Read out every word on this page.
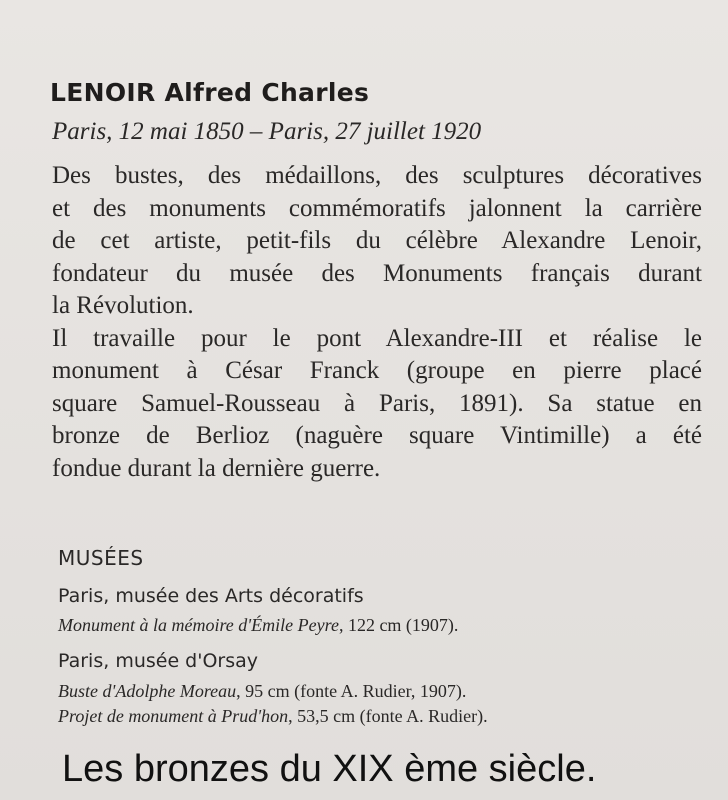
LENOIR Alfred Charles
Paris, 12 mai 1850 – Paris, 27 juillet 1920
Des bustes, des médaillons, des sculptures décoratives
et des monuments commémoratifs jalonnent la carrière
de cet artiste, petit-fils du célèbre Alexandre Lenoir,
fondateur du musée des Monuments français durant
la Révolution.
Il travaille pour le pont Alexandre-III et réalise le
monument à César Franck (groupe en pierre placé
square Samuel-Rousseau à Paris, 1891). Sa statue en
bronze de Berlioz (naguère square Vintimille) a été
fondue durant la dernière guerre.
MUSÉES
Paris, musée des Arts décoratifs
Monument à la mémoire d'Émile Peyre, 122 cm (1907).
Paris, musée d'Orsay
Buste d'Adolphe Moreau, 95 cm (fonte A. Rudier, 1907).
Projet de monument à Prud'hon, 53,5 cm (fonte A. Rudier).
Les bronzes du XIX ème siècle.
